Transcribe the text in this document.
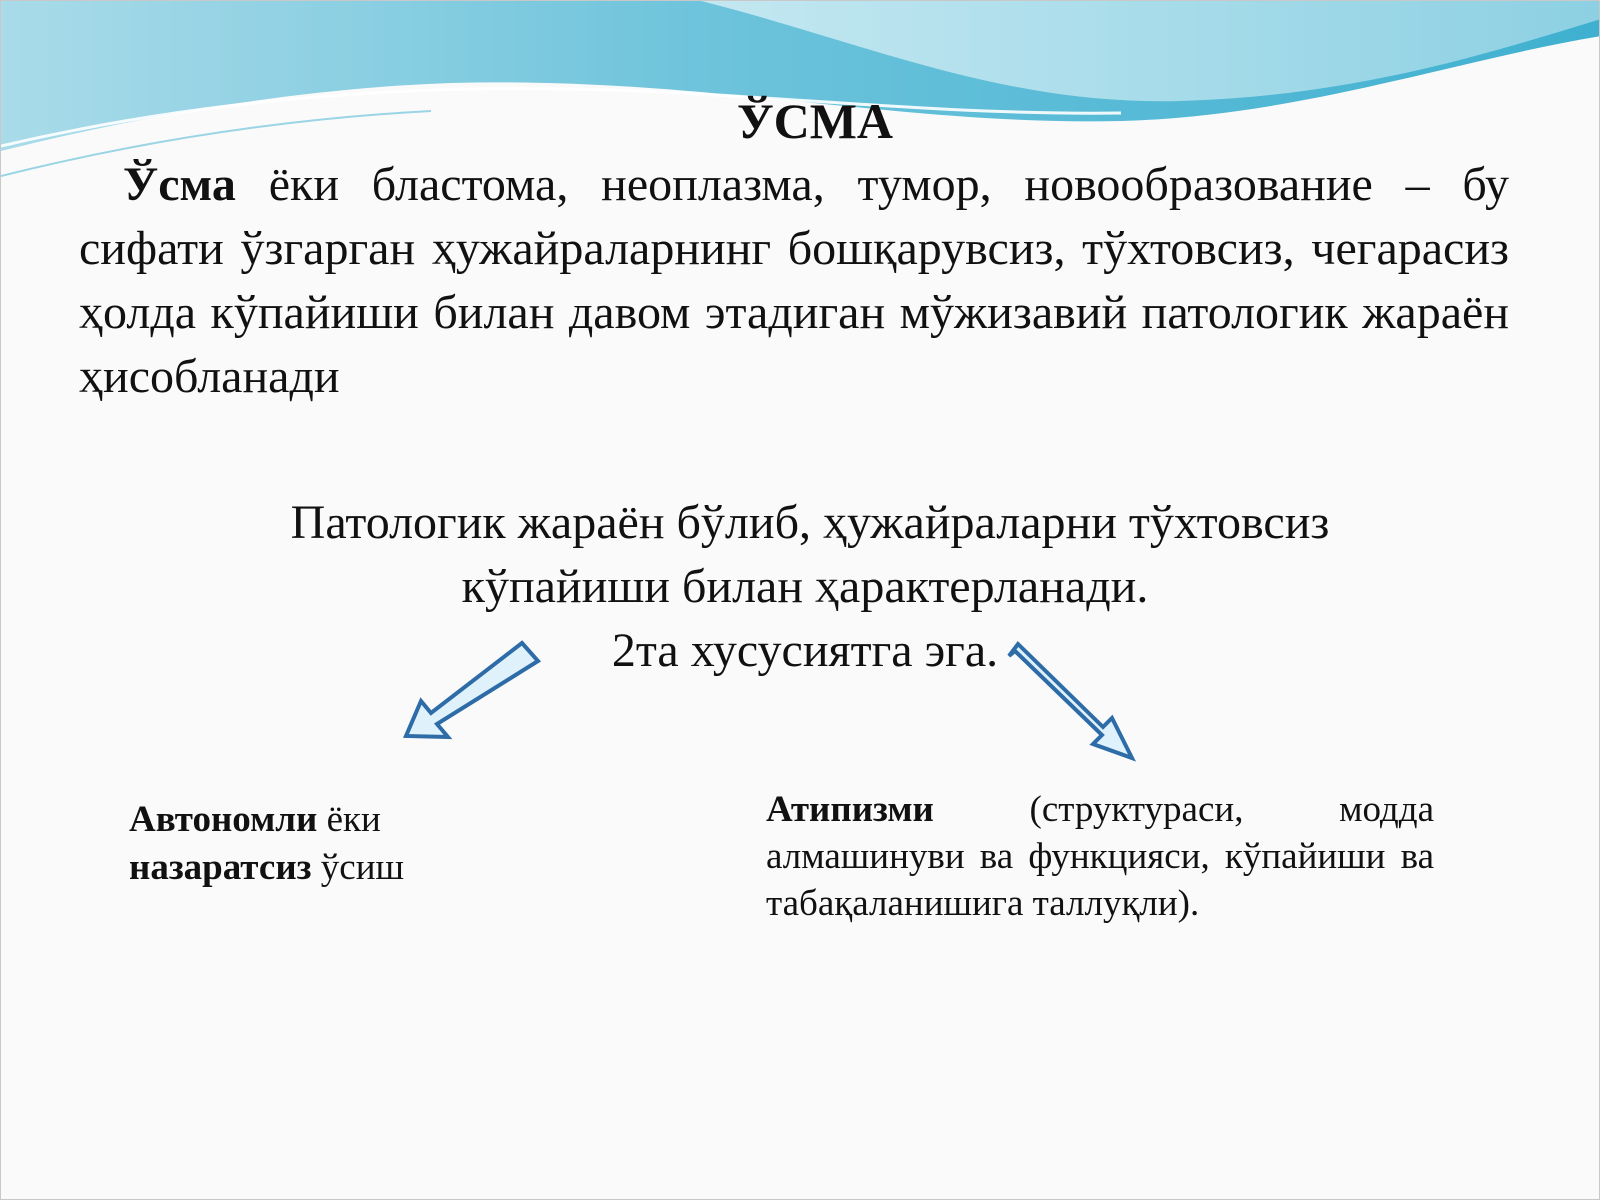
ЎСМА

Ўсма ёки бластома, неоплазма, тумор, новообразование – бу сифати ўзгарган ҳужайраларнинг бошқарувсиз, тўхтовсиз, чегарасиз ҳолда кўпайиши билан давом этадиган мўжизавий патологик жараён ҳисобланади

Патологик жараён бўлиб, ҳужайраларни тўхтовсиз
кўпайиши билан ҳарактерланади.
2та хусусиятга эга.

Автономли ёки
назаратсиз ўсиш

Атипизми (структураси, модда алмашинуви ва функцияси, кўпайиши ва табақаланишига таллуқли).
